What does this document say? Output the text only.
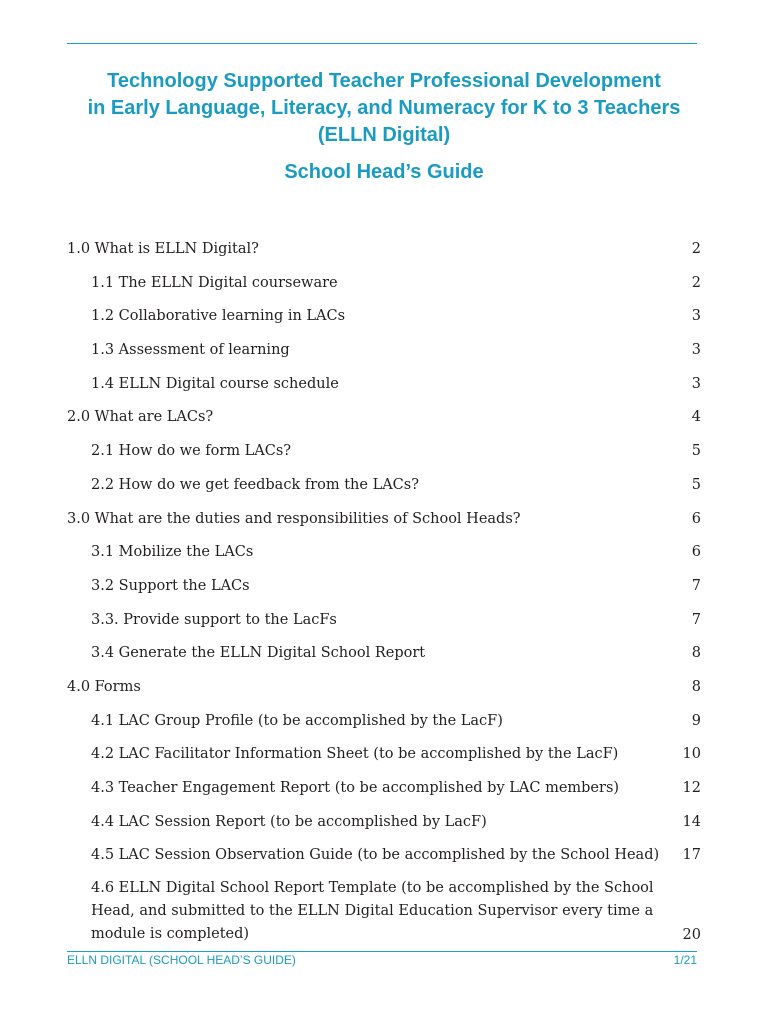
Technology Supported Teacher Professional Development
in Early Language, Literacy, and Numeracy for K to 3 Teachers
(ELLN Digital)
School Head’s Guide
1.0 What is ELLN Digital?	2
1.1 The ELLN Digital courseware	2
1.2 Collaborative learning in LACs	3
1.3 Assessment of learning	3
1.4 ELLN Digital course schedule	3
2.0 What are LACs?	4
2.1 How do we form LACs?	5
2.2 How do we get feedback from the LACs?	5
3.0 What are the duties and responsibilities of School Heads?	6
3.1 Mobilize the LACs	6
3.2 Support the LACs	7
3.3. Provide support to the LacFs	7
3.4 Generate the ELLN Digital School Report	8
4.0 Forms	8
4.1 LAC Group Profile (to be accomplished by the LacF)	9
4.2 LAC Facilitator Information Sheet (to be accomplished by the LacF)	10
4.3 Teacher Engagement Report (to be accomplished by LAC members)	12
4.4 LAC Session Report (to be accomplished by LacF)	14
4.5 LAC Session Observation Guide (to be accomplished by the School Head)	17
4.6 ELLN Digital School Report Template (to be accomplished by the School Head, and submitted to the ELLN Digital Education Supervisor every time a module is completed)	20
ELLN DIGITAL (SCHOOL HEAD’S GUIDE)	1/21
